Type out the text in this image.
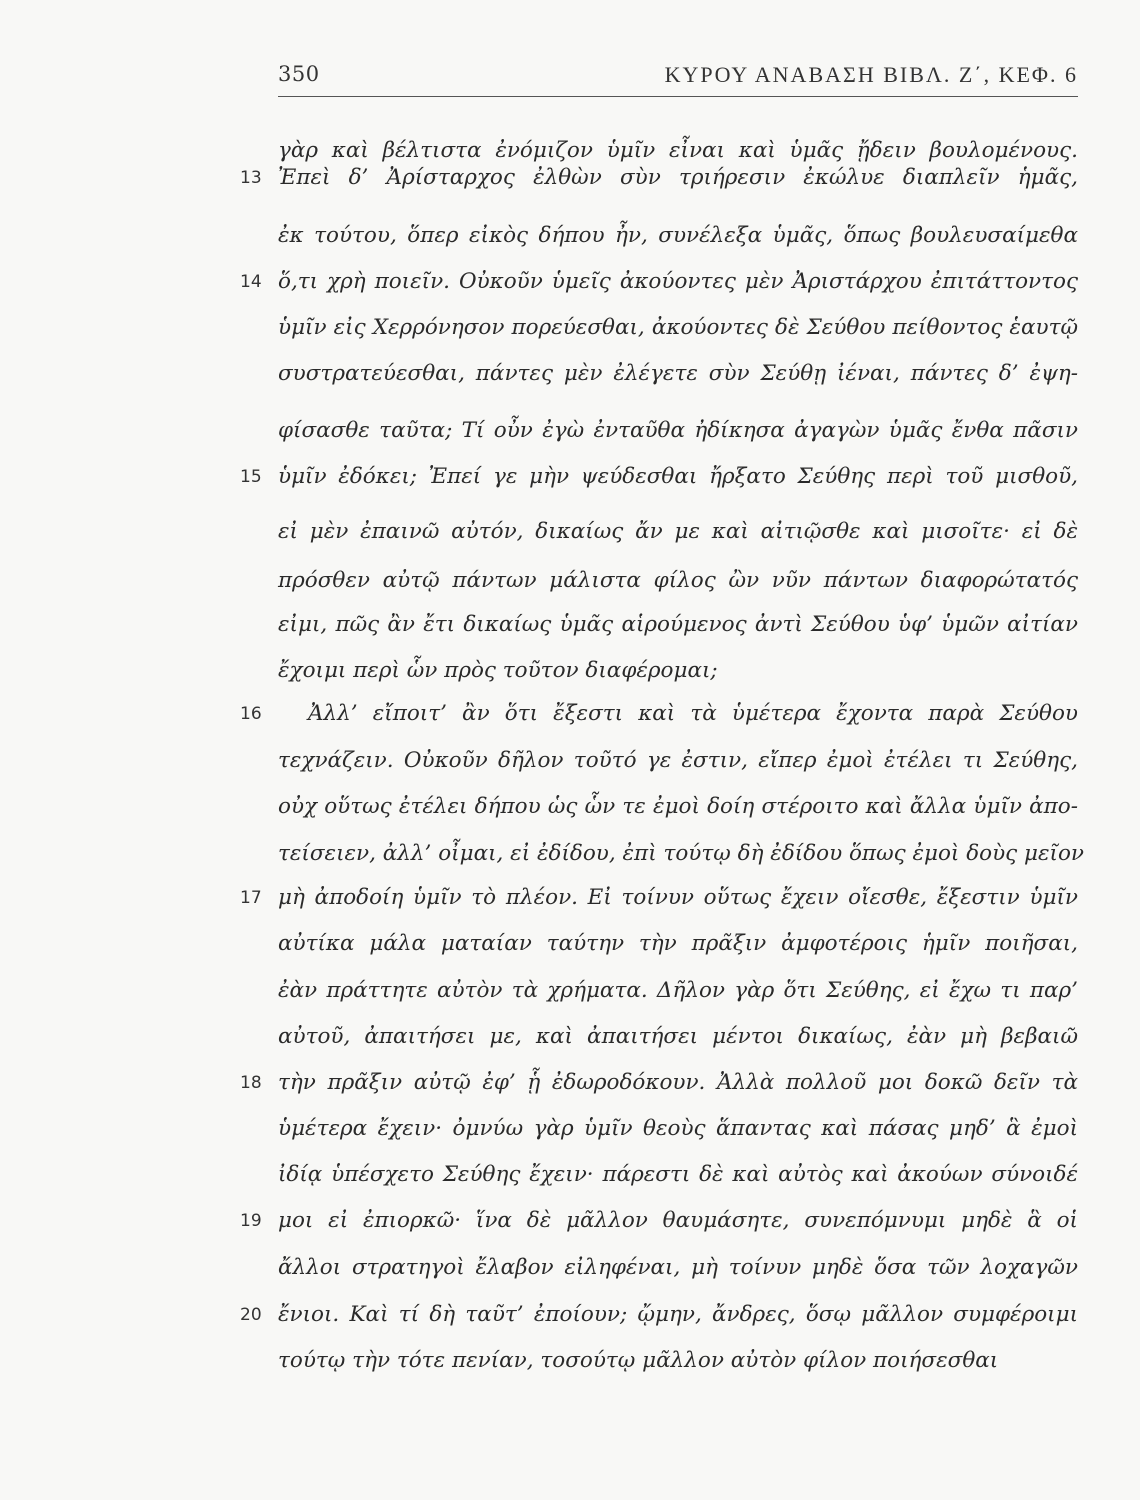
350	ΚΥΡΟΥ ΑΝΑΒΑΣΗ ΒΙΒΛ. Ζ΄, ΚΕΦ. 6
13
14
15
16
17
18
19
20
γὰρ καὶ βέλτιστα ἐνόμιζον ὑμῖν εἶναι καὶ ὑμᾶς ᾔδειν βουλομένους.
Ἐπεὶ δ’ Ἀρίσταρχος ἐλθὼν σὺν τριήρεσιν ἐκώλυε διαπλεῖν ἡμᾶς,
ἐκ τούτου, ὅπερ εἰκὸς δήπου ἦν, συνέλεξα ὑμᾶς, ὅπως βουλευσαίμεθα
ὅ,τι χρὴ ποιεῖν. Οὐκοῦν ὑμεῖς ἀκούοντες μὲν Ἀριστάρχου ἐπιτάττοντος
ὑμῖν εἰς Χερρόνησον πορεύεσθαι, ἀκούοντες δὲ Σεύθου πείθοντος ἑαυτῷ
συστρατεύεσθαι, πάντες μὲν ἐλέγετε σὺν Σεύθῃ ἰέναι, πάντες δ’ ἐψη-
φίσασθε ταῦτα; Τί οὖν ἐγὼ ἐνταῦθα ἠδίκησα ἀγαγὼν ὑμᾶς ἔνθα πᾶσιν
ὑμῖν ἐδόκει; Ἐπεί γε μὴν ψεύδεσθαι ἤρξατο Σεύθης περὶ τοῦ μισθοῦ,
εἰ μὲν ἐπαινῶ αὐτόν, δικαίως ἄν με καὶ αἰτιῷσθε καὶ μισοῖτε· εἰ δὲ
πρόσθεν αὐτῷ πάντων μάλιστα φίλος ὢν νῦν πάντων διαφορώτατός
εἰμι, πῶς ἂν ἔτι δικαίως ὑμᾶς αἱρούμενος ἀντὶ Σεύθου ὑφ’ ὑμῶν αἰτίαν
ἔχοιμι περὶ ὧν πρὸς τοῦτον διαφέρομαι;
Ἀλλ’ εἴποιτ’ ἂν ὅτι ἔξεστι καὶ τὰ ὑμέτερα ἔχοντα παρὰ Σεύθου
τεχνάζειν. Οὐκοῦν δῆλον τοῦτό γε ἐστιν, εἴπερ ἐμοὶ ἐτέλει τι Σεύθης,
οὐχ οὕτως ἐτέλει δήπου ὡς ὧν τε ἐμοὶ δοίη στέροιτο καὶ ἄλλα ὑμῖν ἀπο-
τείσειεν, ἀλλ’ οἶμαι, εἰ ἐδίδου, ἐπὶ τούτῳ δὴ ἐδίδου ὅπως ἐμοὶ δοὺς μεῖον
μὴ ἀποδοίη ὑμῖν τὸ πλέον. Εἰ τοίνυν οὕτως ἔχειν οἴεσθε, ἔξεστιν ὑμῖν
αὐτίκα μάλα ματαίαν ταύτην τὴν πρᾶξιν ἀμφοτέροις ἡμῖν ποιῆσαι,
ἐὰν πράττητε αὐτὸν τὰ χρήματα. Δῆλον γὰρ ὅτι Σεύθης, εἰ ἔχω τι παρ’
αὐτοῦ, ἀπαιτήσει με, καὶ ἀπαιτήσει μέντοι δικαίως, ἐὰν μὴ βεβαιῶ
τὴν πρᾶξιν αὐτῷ ἐφ’ ᾗ ἐδωροδόκουν. Ἀλλὰ πολλοῦ μοι δοκῶ δεῖν τὰ
ὑμέτερα ἔχειν· ὀμνύω γὰρ ὑμῖν θεοὺς ἅπαντας καὶ πάσας μηδ’ ἃ ἐμοὶ
ἰδίᾳ ὑπέσχετο Σεύθης ἔχειν· πάρεστι δὲ καὶ αὐτὸς καὶ ἀκούων σύνοιδέ
μοι εἰ ἐπιορκῶ· ἵνα δὲ μᾶλλον θαυμάσητε, συνεπόμνυμι μηδὲ ἃ οἱ
ἄλλοι στρατηγοὶ ἔλαβον εἰληφέναι, μὴ τοίνυν μηδὲ ὅσα τῶν λοχαγῶν
ἔνιοι. Καὶ τί δὴ ταῦτ’ ἐποίουν; ᾤμην, ἄνδρες, ὅσῳ μᾶλλον συμφέροιμι
τούτῳ τὴν τότε πενίαν, τοσούτῳ μᾶλλον αὐτὸν φίλον ποιήσεσθαι
